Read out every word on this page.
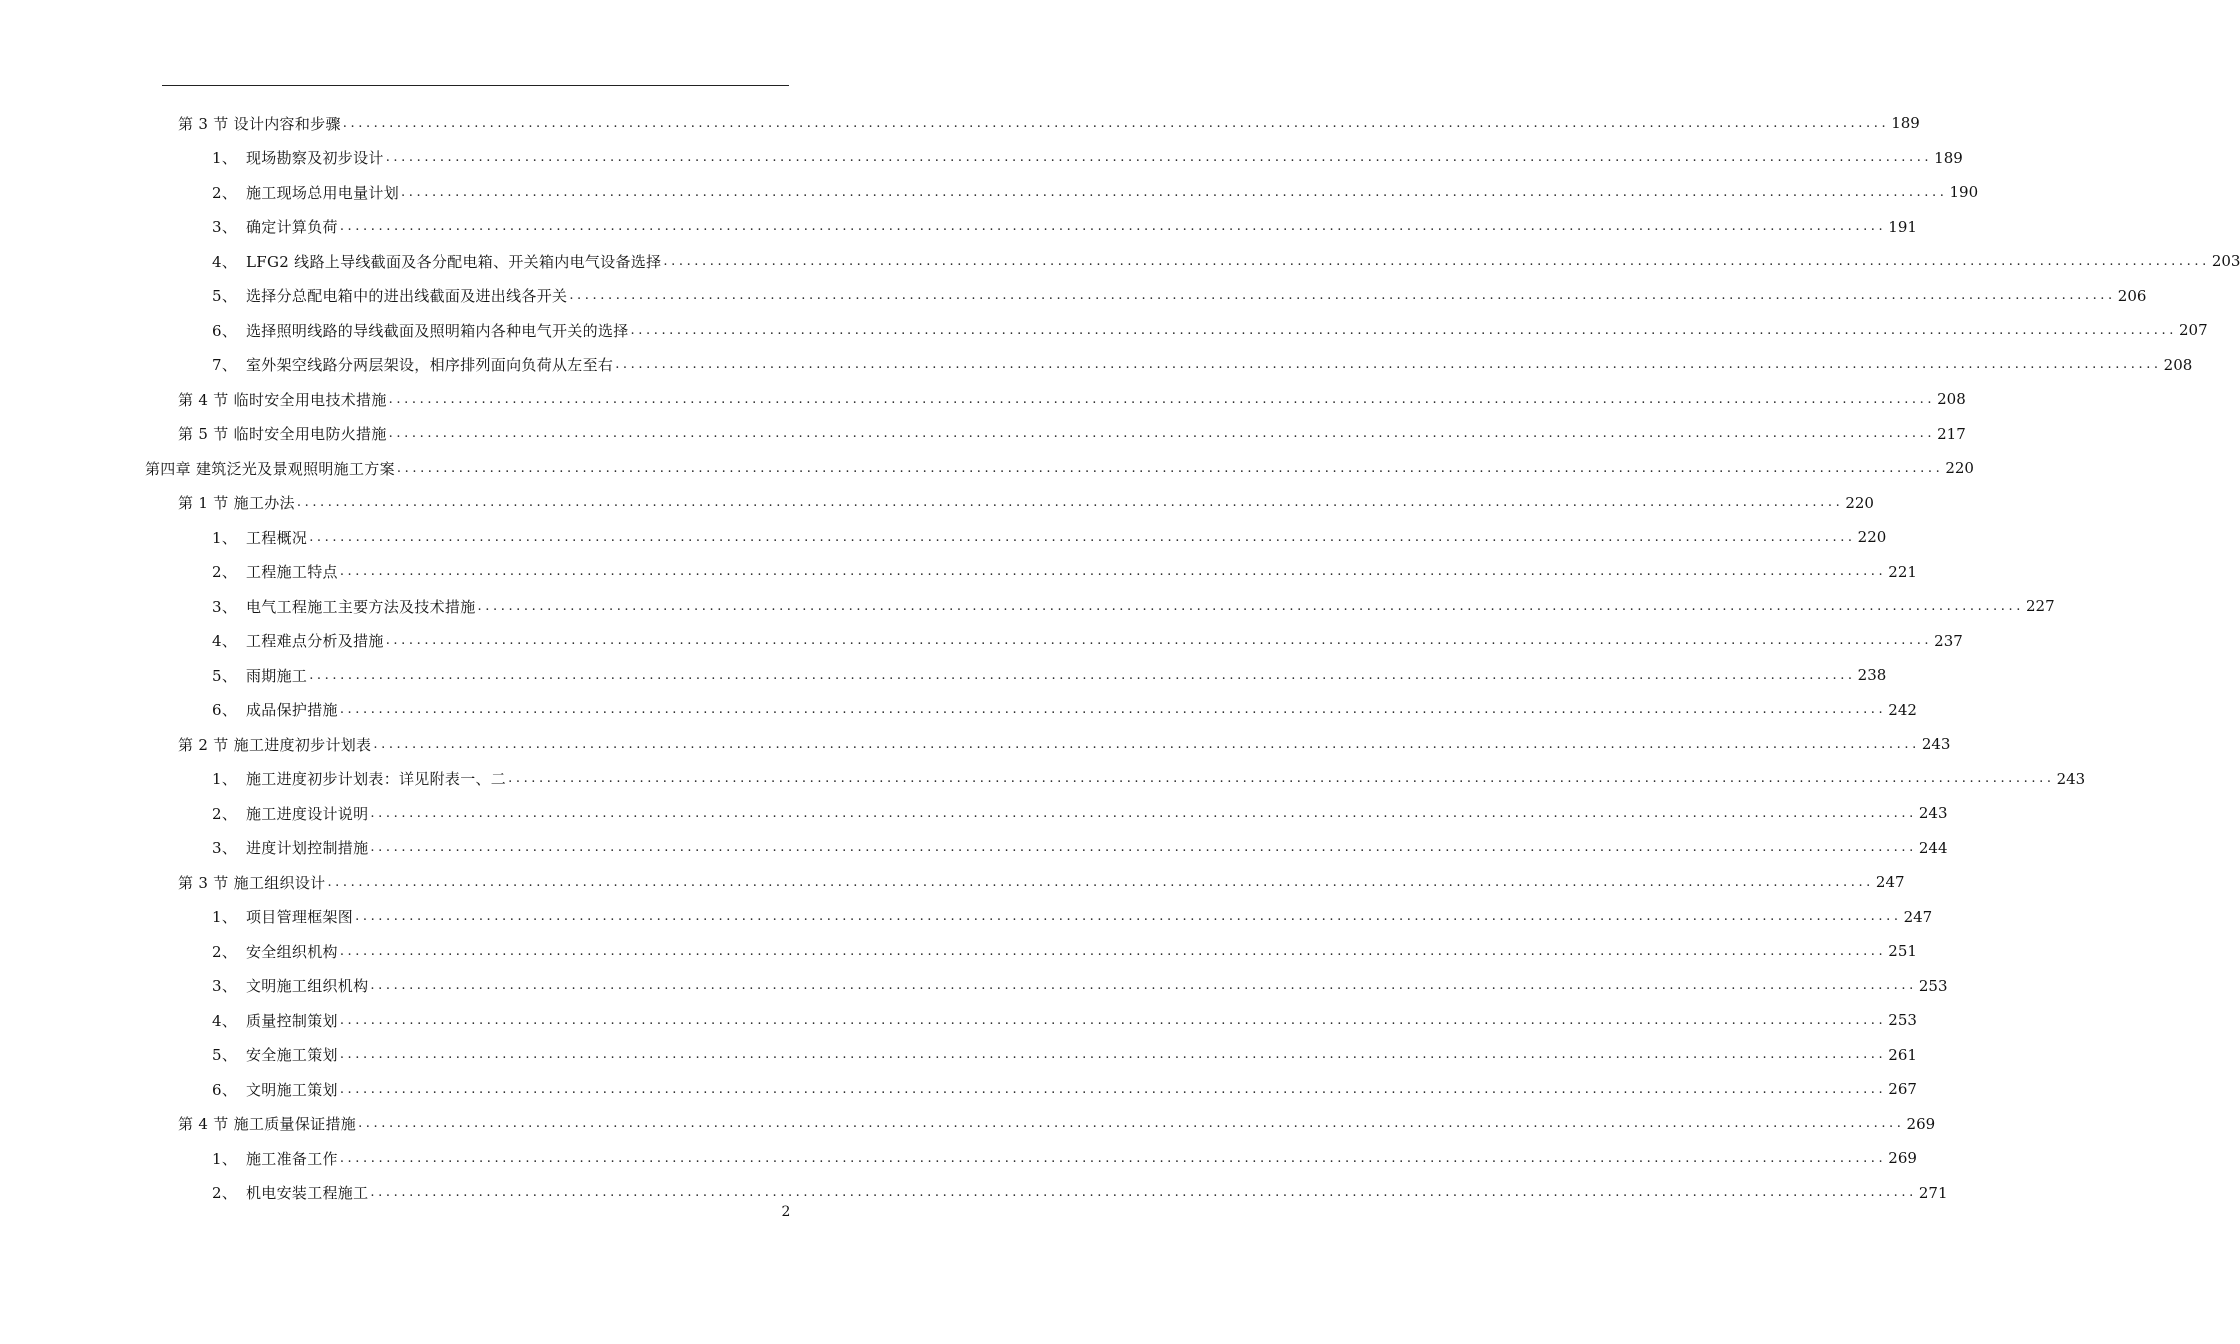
第 3 节 设计内容和步骤 ........................................................................................................................................................................................................ 189
1、 现场勘察及初步设计 ........................................................................................................................................................................................................ 189
2、 施工现场总用电量计划 ........................................................................................................................................................................................................ 190
3、 确定计算负荷 ........................................................................................................................................................................................................ 191
4、 LFG2 线路上导线截面及各分配电箱、开关箱内电气设备选择 ........................................................................................................................................................................................................ 203
5、 选择分总配电箱中的进出线截面及进出线各开关 ........................................................................................................................................................................................................ 206
6、 选择照明线路的导线截面及照明箱内各种电气开关的选择 ........................................................................................................................................................................................................ 207
7、 室外架空线路分两层架设，相序排列面向负荷从左至右 ........................................................................................................................................................................................................ 208
第 4 节 临时安全用电技术措施 ........................................................................................................................................................................................................ 208
第 5 节 临时安全用电防火措施 ........................................................................................................................................................................................................ 217
第四章 建筑泛光及景观照明施工方案 ........................................................................................................................................................................................................ 220
第 1 节 施工办法 ........................................................................................................................................................................................................ 220
1、 工程概况 ........................................................................................................................................................................................................ 220
2、 工程施工特点 ........................................................................................................................................................................................................ 221
3、 电气工程施工主要方法及技术措施 ........................................................................................................................................................................................................ 227
4、 工程难点分析及措施 ........................................................................................................................................................................................................ 237
5、 雨期施工 ........................................................................................................................................................................................................ 238
6、 成品保护措施 ........................................................................................................................................................................................................ 242
第 2 节 施工进度初步计划表 ........................................................................................................................................................................................................ 243
1、 施工进度初步计划表：详见附表一、二 ........................................................................................................................................................................................................ 243
2、 施工进度设计说明 ........................................................................................................................................................................................................ 243
3、 进度计划控制措施 ........................................................................................................................................................................................................ 244
第 3 节 施工组织设计 ........................................................................................................................................................................................................ 247
1、 项目管理框架图 ........................................................................................................................................................................................................ 247
2、 安全组织机构 ........................................................................................................................................................................................................ 251
3、 文明施工组织机构 ........................................................................................................................................................................................................ 253
4、 质量控制策划 ........................................................................................................................................................................................................ 253
5、 安全施工策划 ........................................................................................................................................................................................................ 261
6、 文明施工策划 ........................................................................................................................................................................................................ 267
第 4 节 施工质量保证措施 ........................................................................................................................................................................................................ 269
1、 施工准备工作 ........................................................................................................................................................................................................ 269
2、 机电安装工程施工 ........................................................................................................................................................................................................ 271
2
